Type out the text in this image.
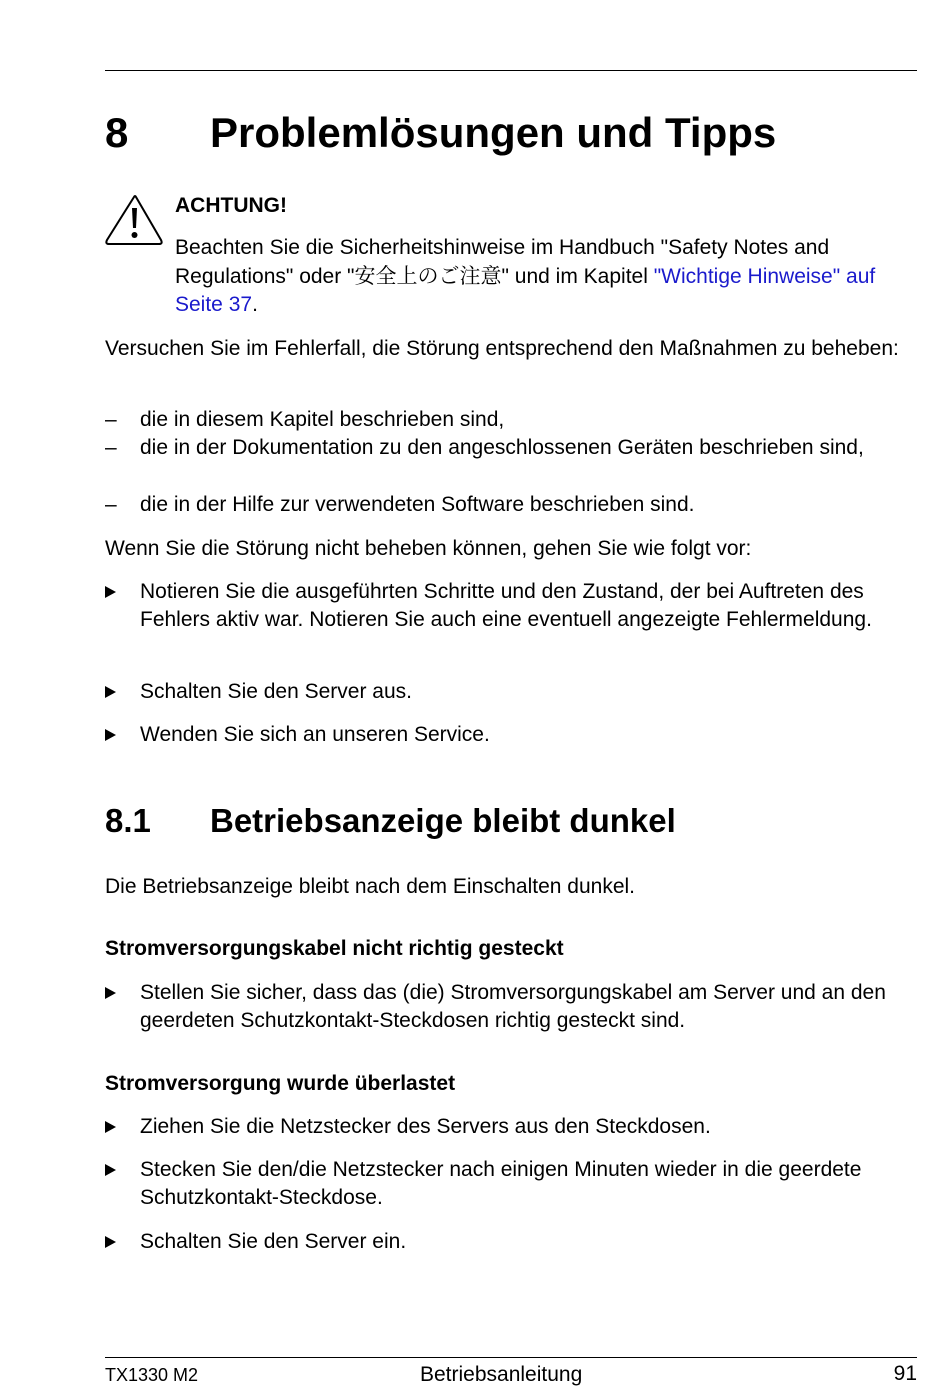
8 Problemlösungen und Tipps
ACHTUNG!
Beachten Sie die Sicherheitshinweise im Handbuch "Safety Notes and Regulations" oder "安全上のご注意" und im Kapitel "Wichtige Hinweise" auf Seite 37.

Versuchen Sie im Fehlerfall, die Störung entsprechend den Maßnahmen zu beheben:

–	die in diesem Kapitel beschrieben sind,
–	die in der Dokumentation zu den angeschlossenen Geräten beschrieben sind,
–	die in der Hilfe zur verwendeten Software beschrieben sind.

Wenn Sie die Störung nicht beheben können, gehen Sie wie folgt vor:

Notieren Sie die ausgeführten Schritte und den Zustand, der bei Auftreten des Fehlers aktiv war. Notieren Sie auch eine eventuell angezeigte Fehlermeldung.
Schalten Sie den Server aus.
Wenden Sie sich an unseren Service.
8.1 Betriebsanzeige bleibt dunkel

Die Betriebsanzeige bleibt nach dem Einschalten dunkel.

Stromversorgungskabel nicht richtig gesteckt
Stellen Sie sicher, dass das (die) Stromversorgungskabel am Server und an den geerdeten Schutzkontakt-Steckdosen richtig gesteckt sind.
Stromversorgung wurde überlastet
Ziehen Sie die Netzstecker des Servers aus den Steckdosen.
Stecken Sie den/die Netzstecker nach einigen Minuten wieder in die geerdete Schutzkontakt-Steckdose.
Schalten Sie den Server ein.
TX1330 M2	Betriebsanleitung	91
